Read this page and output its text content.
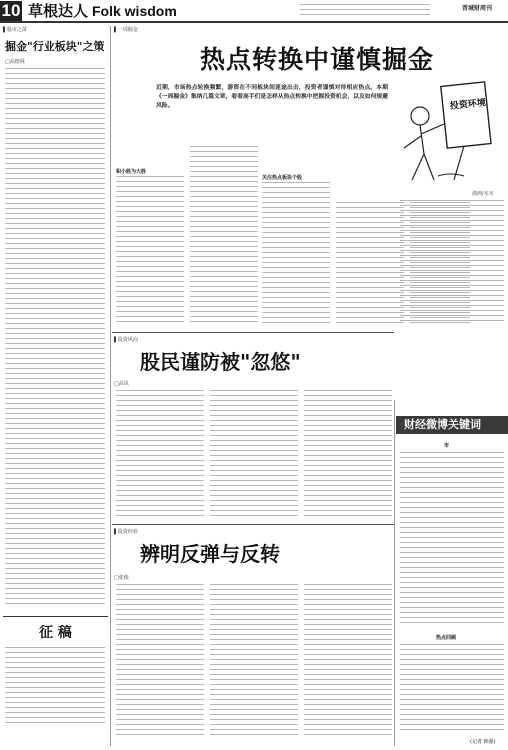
10 草根达人 Folk wisdom	晋城财周刊
▌股市之苗
掘金"行业板块"之策
□高德林
征 稿
▌一周掘金
热点转换中谨慎掘金
近期，市场热点轮换频繁，游资在不同板块间迷途出击，投资者谨慎对待相应热点。本期《一周掘金》集纳几篇文章，看看高手们是怎样从热点转换中把握投资机会，以及如何规避风险。	投资环境
漫画/木木
积小胜为大胜
关注热点板块个股
财经微博关键词
市
热点回顾
▌投资风向
股民谨防被"忽悠"
□高凤
▌投资经验
辨明反弹与反转
□张俊
(记者 韩强)
